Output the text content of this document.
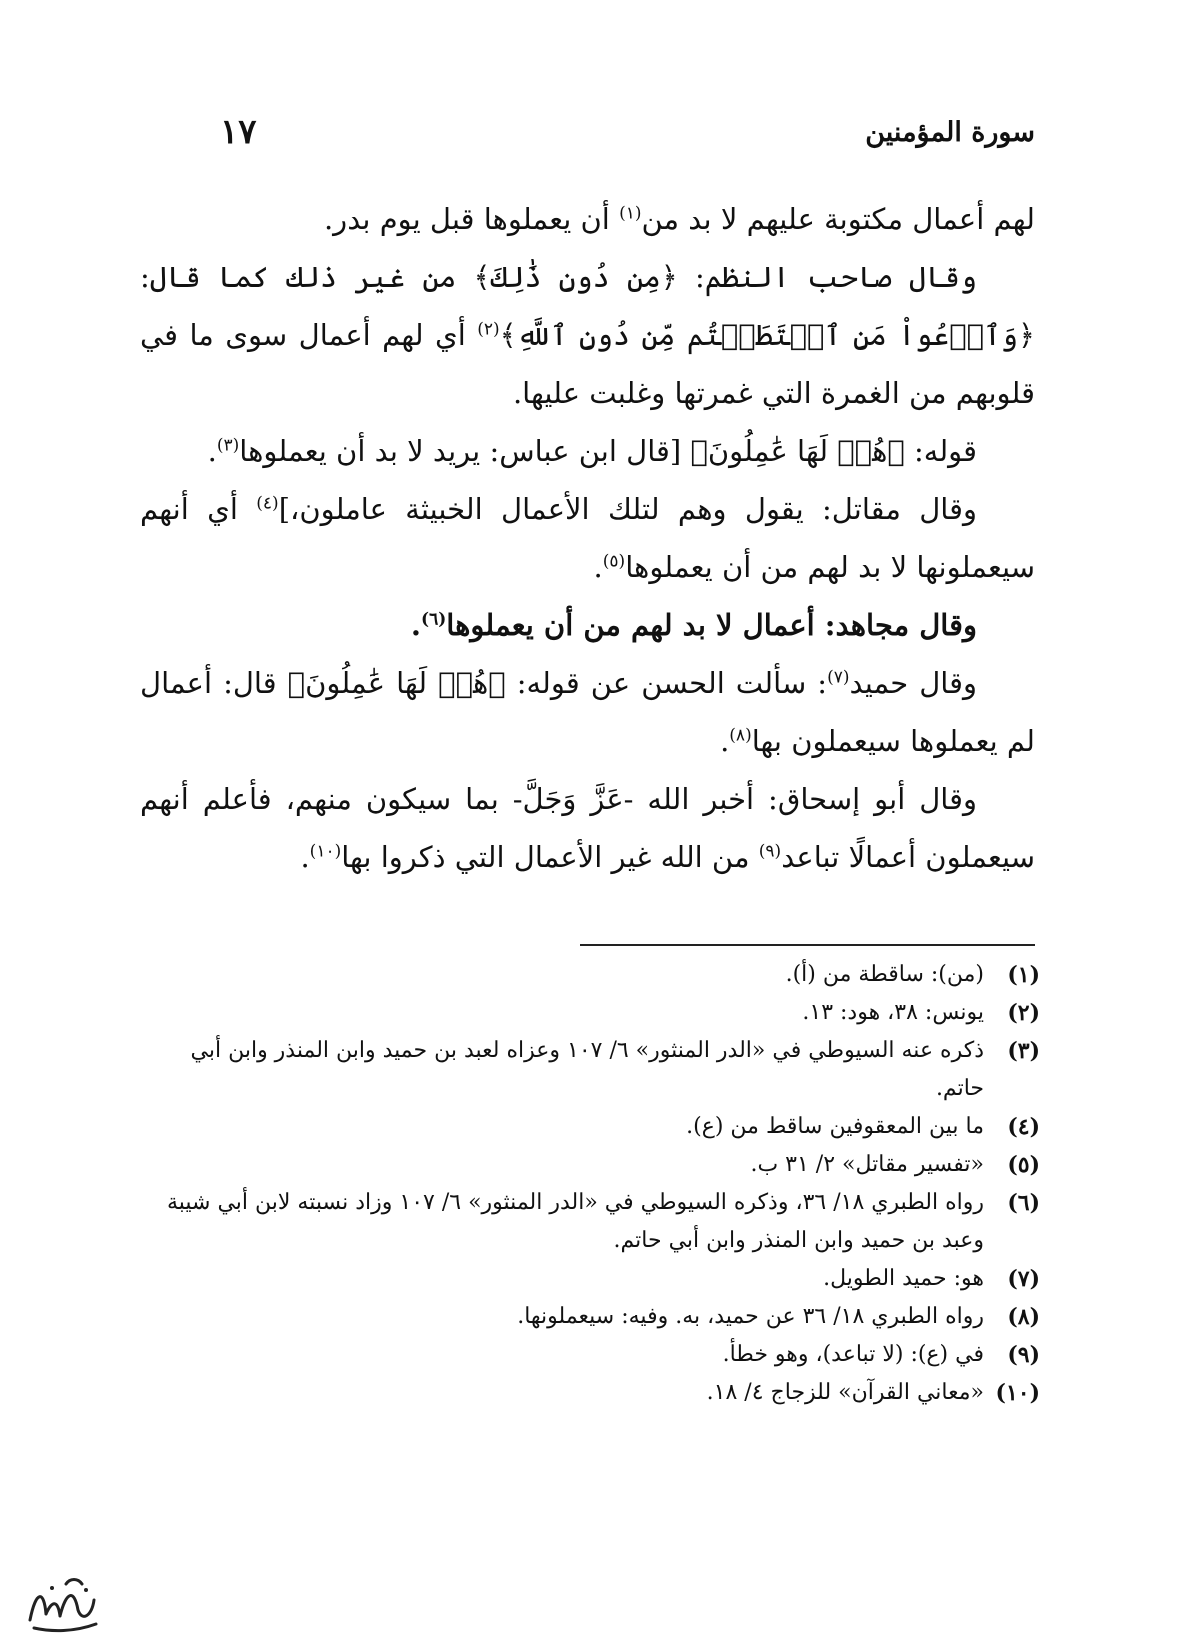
سورة المؤمنين
١٧

لهم أعمال مكتوبة عليهم لا بد من$^{(١)}$ أن يعملوها قبل يوم بدر.

وقال صاحب النظم: ﴿مِن دُونِ ذَٰلِكَ﴾ من غير ذلك كما قال: ﴿وَٱدۡعُواْ مَنِ ٱسۡتَطَعۡتُم مِّن دُونِ ٱللَّهِ﴾$^{(٢)}$ أي لهم أعمال سوى ما في قلوبهم من الغمرة التي غمرتها وغلبت عليها.

قوله: ﴿هُمۡ لَهَا عَٰمِلُونَ﴾ [قال ابن عباس: يريد لا بد أن يعملوها$^{(٣)}$.

وقال مقاتل: يقول وهم لتلك الأعمال الخبيثة عاملون،]$^{(٤)}$ أي أنهم سيعملونها لا بد لهم من أن يعملوها$^{(٥)}$.

وقال مجاهد: أعمال لا بد لهم من أن يعملوها$^{(٦)}$.

وقال حميد$^{(٧)}$: سألت الحسن عن قوله: ﴿هُمۡ لَهَا عَٰمِلُونَ﴾ قال: أعمال لم يعملوها سيعملون بها$^{(٨)}$.

وقال أبو إسحاق: أخبر الله -عَزَّ وَجَلَّ- بما سيكون منهم، فأعلم أنهم سيعملون أعمالًا تباعد$^{(٩)}$ من الله غير الأعمال التي ذكروا بها$^{(١٠)}$.

(١)
(من): ساقطة من (أ).
(٢)
يونس: ٣٨، هود: ١٣.
(٣)
ذكره عنه السيوطي في «الدر المنثور» ٦/ ١٠٧ وعزاه لعبد بن حميد وابن المنذر وابن أبي حاتم.
(٤)
ما بين المعقوفين ساقط من (ع).
(٥)
«تفسير مقاتل» ٢/ ٣١ ب.
(٦)
رواه الطبري ١٨/ ٣٦، وذكره السيوطي في «الدر المنثور» ٦/ ١٠٧ وزاد نسبته لابن أبي شيبة وعبد بن حميد وابن المنذر وابن أبي حاتم.
(٧)
هو: حميد الطويل.
(٨)
رواه الطبري ١٨/ ٣٦ عن حميد، به. وفيه: سيعملونها.
(٩)
في (ع): (لا تباعد)، وهو خطأ.
(١٠)
«معاني القرآن» للزجاج ٤/ ١٨.
